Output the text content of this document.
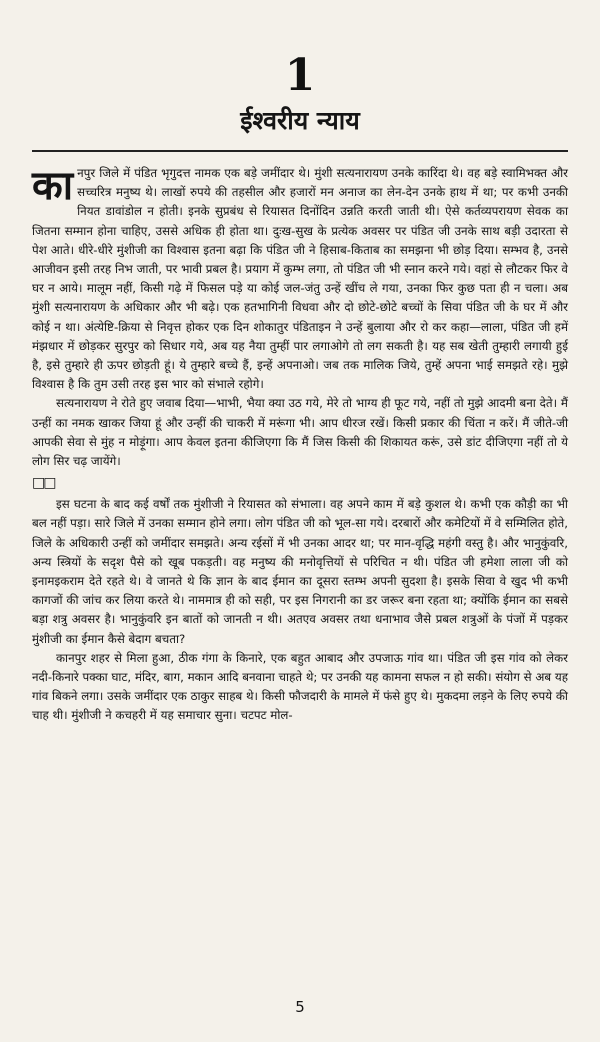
1
ईश्वरीय न्याय

कानपुर जिले में पंडित भृगुदत्त नामक एक बड़े जमींदार थे। मुंशी सत्यनारायण उनके कारिंदा थे। वह बड़े स्वामिभक्त और सच्चरित्र मनुष्य थे। लाखों रुपये की तहसील और हजारों मन अनाज का लेन-देन उनके हाथ में था; पर कभी उनकी नियत डावांडोल न होती। इनके सुप्रबंध से रियासत दिनोंदिन उन्नति करती जाती थी। ऐसे कर्तव्यपरायण सेवक का जितना सम्मान होना चाहिए, उससे अधिक ही होता था। दुःख-सुख के प्रत्येक अवसर पर पंडित जी उनके साथ बड़ी उदारता से पेश आते। धीरे-धीरे मुंशीजी का विश्वास इतना बढ़ा कि पंडित जी ने हिसाब-किताब का समझना भी छोड़ दिया। सम्भव है, उनसे आजीवन इसी तरह निभ जाती, पर भावी प्रबल है। प्रयाग में कुम्भ लगा, तो पंडित जी भी स्नान करने गये। वहां से लौटकर फिर वे घर न आये। मालूम नहीं, किसी गढ़े में फिसल पड़े या कोई जल-जंतु उन्हें खींच ले गया, उनका फिर कुछ पता ही न चला। अब मुंशी सत्यनारायण के अधिकार और भी बढ़े। एक हतभागिनी विधवा और दो छोटे-छोटे बच्चों के सिवा पंडित जी के घर में और कोई न था। अंत्येष्टि-क्रिया से निवृत्त होकर एक दिन शोकातुर पंडिताइन ने उन्हें बुलाया और रो कर कहा—लाला, पंडित जी हमें मंझधार में छोड़कर सुरपुर को सिधार गये, अब यह नैया तुम्हीं पार लगाओगे तो लग सकती है। यह सब खेती तुम्हारी लगायी हुई है, इसे तुम्हारे ही ऊपर छोड़ती हूं। ये तुम्हारे बच्चे हैं, इन्हें अपनाओ। जब तक मालिक जिये, तुम्हें अपना भाई समझते रहे। मुझे विश्वास है कि तुम उसी तरह इस भार को संभाले रहोगे।

सत्यनारायण ने रोते हुए जवाब दिया—भाभी, भैया क्या उठ गये, मेरे तो भाग्य ही फूट गये, नहीं तो मुझे आदमी बना देते। मैं उन्हीं का नमक खाकर जिया हूं और उन्हीं की चाकरी में मरूंगा भी। आप धीरज रखें। किसी प्रकार की चिंता न करें। मैं जीते-जी आपकी सेवा से मुंह न मोड़ूंगा। आप केवल इतना कीजिएगा कि मैं जिस किसी की शिकायत करूं, उसे डांट दीजिएगा नहीं तो ये लोग सिर चढ़ जायेंगे।

□□

इस घटना के बाद कई वर्षों तक मुंशीजी ने रियासत को संभाला। वह अपने काम में बड़े कुशल थे। कभी एक कौड़ी का भी बल नहीं पड़ा। सारे जिले में उनका सम्मान होने लगा। लोग पंडित जी को भूल-सा गये। दरबारों और कमेटियों में वे सम्मिलित होते, जिले के अधिकारी उन्हीं को जमींदार समझते। अन्य रईसों में भी उनका आदर था; पर मान-वृद्धि महंगी वस्तु है। और भानुकुंवरि, अन्य स्त्रियों के सदृश पैसे को खूब पकड़ती। वह मनुष्य की मनोवृत्तियों से परिचित न थी। पंडित जी हमेशा लाला जी को इनामइकराम देते रहते थे। वे जानते थे कि ज्ञान के बाद ईमान का दूसरा स्तम्भ अपनी सुदशा है। इसके सिवा वे खुद भी कभी कागजों की जांच कर लिया करते थे। नाममात्र ही को सही, पर इस निगरानी का डर जरूर बना रहता था; क्योंकि ईमान का सबसे बड़ा शत्रु अवसर है। भानुकुंवरि इन बातों को जानती न थी। अतएव अवसर तथा धनाभाव जैसे प्रबल शत्रुओं के पंजों में पड़कर मुंशीजी का ईमान कैसे बेदाग बचता?

कानपुर शहर से मिला हुआ, ठीक गंगा के किनारे, एक बहुत आबाद और उपजाऊ गांव था। पंडित जी इस गांव को लेकर नदी-किनारे पक्का घाट, मंदिर, बाग, मकान आदि बनवाना चाहते थे; पर उनकी यह कामना सफल न हो सकी। संयोग से अब यह गांव बिकने लगा। उसके जमींदार एक ठाकुर साहब थे। किसी फौजदारी के मामले में फंसे हुए थे। मुकदमा लड़ने के लिए रुपये की चाह थी। मुंशीजी ने कचहरी में यह समाचार सुना। चटपट मोल-

5
